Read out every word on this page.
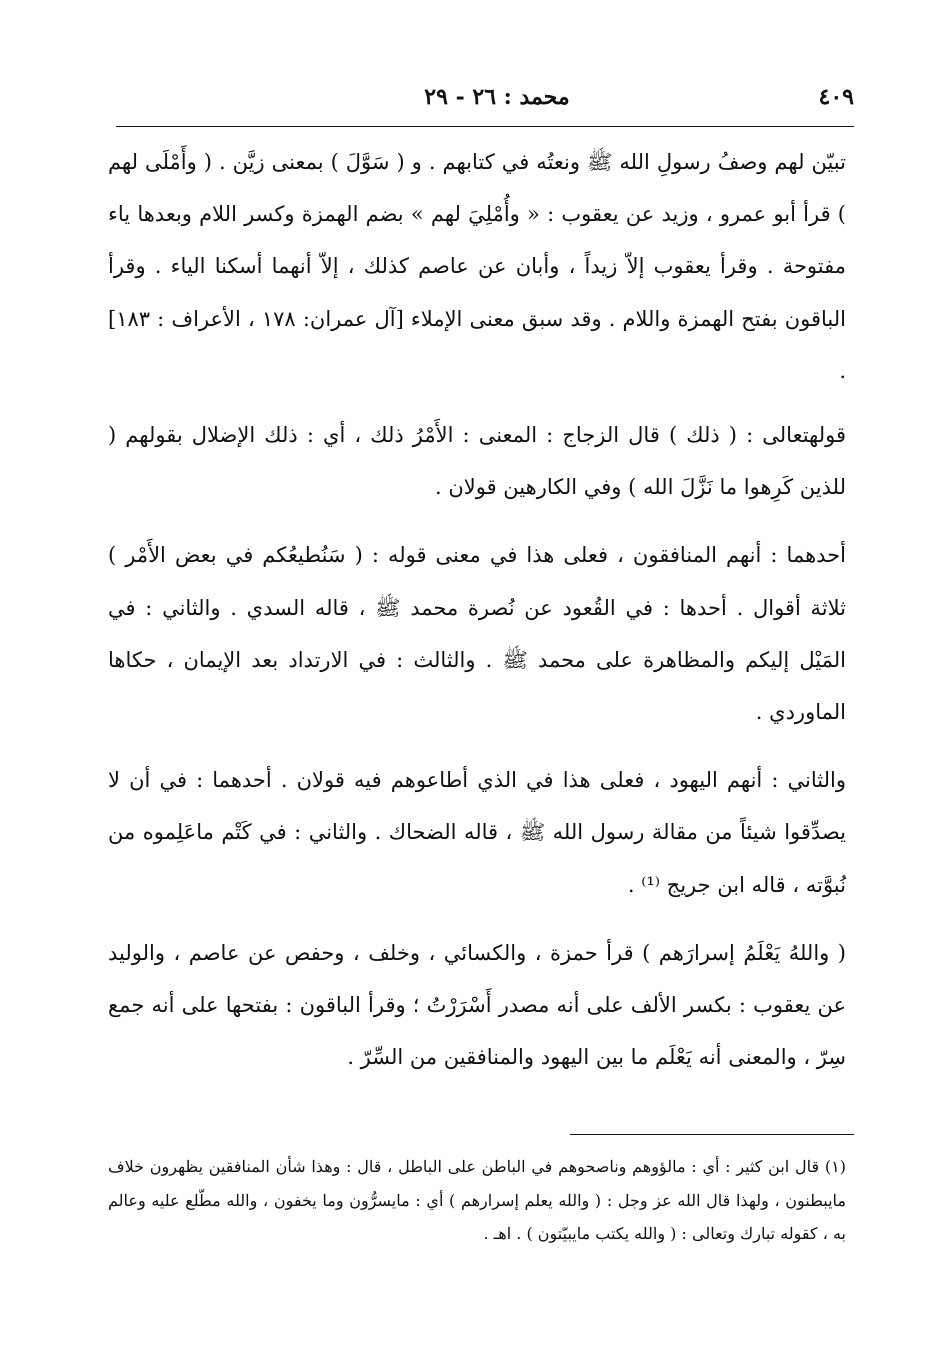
٤٠٩
محمد : ٢٦ - ٢٩

تبيّن لهم وصفُ رسولِ الله ﷺ ونعتُه في كتابهم . و ( سَوَّلَ ) بمعنى زيَّن . ( وأَمْلَى لهم ) قرأ أبو عمرو ، وزيد عن يعقوب : « وأُمْلِيَ لهم » بضم الهمزة وكسر اللام وبعدها ياء مفتوحة . وقرأ يعقوب إلاّ زيداً ، وأبان عن عاصم كذلك ، إلاّ أنهما أسكنا الياء . وقرأ الباقون بفتح الهمزة واللام . وقد سبق معنى الإملاء [آل عمران: ١٧٨ ، الأعراف : ١٨٣] .

قولهتعالى : ( ذلك ) قال الزجاج : المعنى : الأَمْرُ ذلك ، أي : ذلك الإضلال بقولهم ( للذين كَرِهوا ما نَزَّلَ الله ) وفي الكارهين قولان .

أحدهما : أنهم المنافقون ، فعلى هذا في معنى قوله : ( سَنُطيعُكم في بعض الأَمْر ) ثلاثة أقوال . أحدها : في القُعود عن نُصرة محمد ﷺ ، قاله السدي . والثاني : في المَيْل إليكم والمظاهرة على محمد ﷺ . والثالث : في الارتداد بعد الإيمان ، حكاها الماوردي .

والثاني : أنهم اليهود ، فعلى هذا في الذي أطاعوهم فيه قولان . أحدهما : في أن لا يصدِّقوا شيئاً من مقالة رسول الله ﷺ ، قاله الضحاك . والثاني : في كَتْم ماعَلِموه من نُبوَّته ، قاله ابن جريج ⁽¹⁾ .

( واللهُ يَعْلَمُ إسرارَهم ) قرأ حمزة ، والكسائي ، وخلف ، وحفص عن عاصم ، والوليد عن يعقوب : بكسر الألف على أنه مصدر أَسْرَرْتُ ؛ وقرأ الباقون : بفتحها على أنه جمع سِرّ ، والمعنى أنه يَعْلَم ما بين اليهود والمنافقين من السِّرّ .

(١) قال ابن كثير : أي : مالؤوهم وناصحوهم في الباطن على الباطل ، قال : وهذا شأن المنافقين يظهرون خلاف مايبطنون ، ولهذا قال الله عز وجل : ( والله يعلم إسرارهم ) أي : مايسرُّون وما يخفون ، والله مطّلع عليه وعالم به ، كقوله تبارك وتعالى : ( والله يكتب مايبيّتون ) . اهـ .
